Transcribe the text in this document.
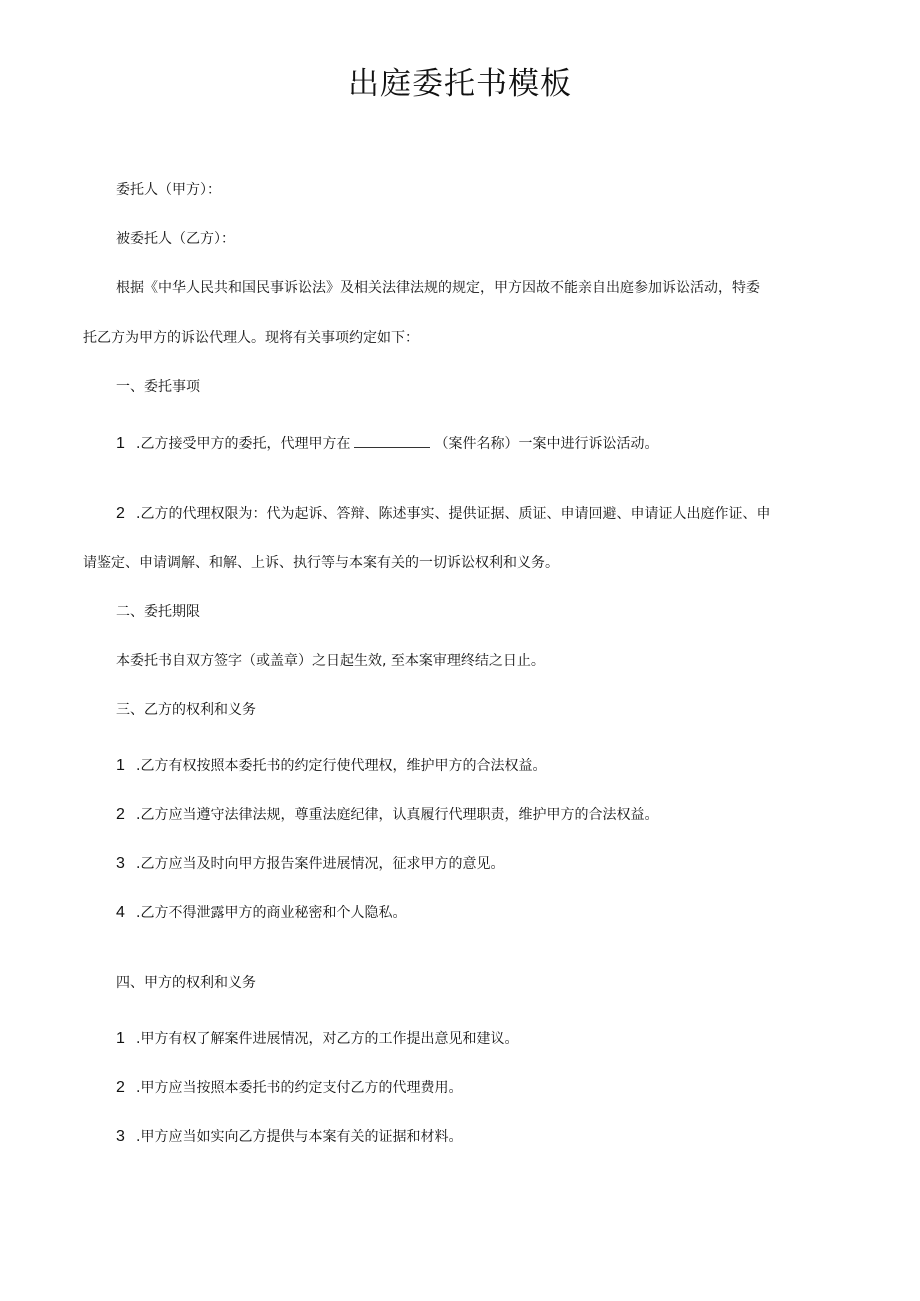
出庭委托书模板
委托人（甲方）：
被委托人（乙方）：
根据《中华人民共和国民事诉讼法》及相关法律法规的规定，甲方因故不能亲自出庭参加诉讼活动，特委
托乙方为甲方的诉讼代理人。现将有关事项约定如下：
一、委托事项
1 .乙方接受甲方的委托，代理甲方在	（案件名称）一案中进行诉讼活动。
2 .乙方的代理权限为：代为起诉、答辩、陈述事实、提供证据、质证、申请回避、申请证人出庭作证、申
请鉴定、申请调解、和解、上诉、执行等与本案有关的一切诉讼权利和义务。
二、委托期限
本委托书自双方签字（或盖章）之日起生效, 至本案审理终结之日止。
三、乙方的权利和义务
1 .乙方有权按照本委托书的约定行使代理权，维护甲方的合法权益。
2 .乙方应当遵守法律法规，尊重法庭纪律，认真履行代理职责，维护甲方的合法权益。
3 .乙方应当及时向甲方报告案件进展情况，征求甲方的意见。
4 .乙方不得泄露甲方的商业秘密和个人隐私。
四、甲方的权利和义务
1 .甲方有权了解案件进展情况，对乙方的工作提出意见和建议。
2 .甲方应当按照本委托书的约定支付乙方的代理费用。
3 .甲方应当如实向乙方提供与本案有关的证据和材料。
